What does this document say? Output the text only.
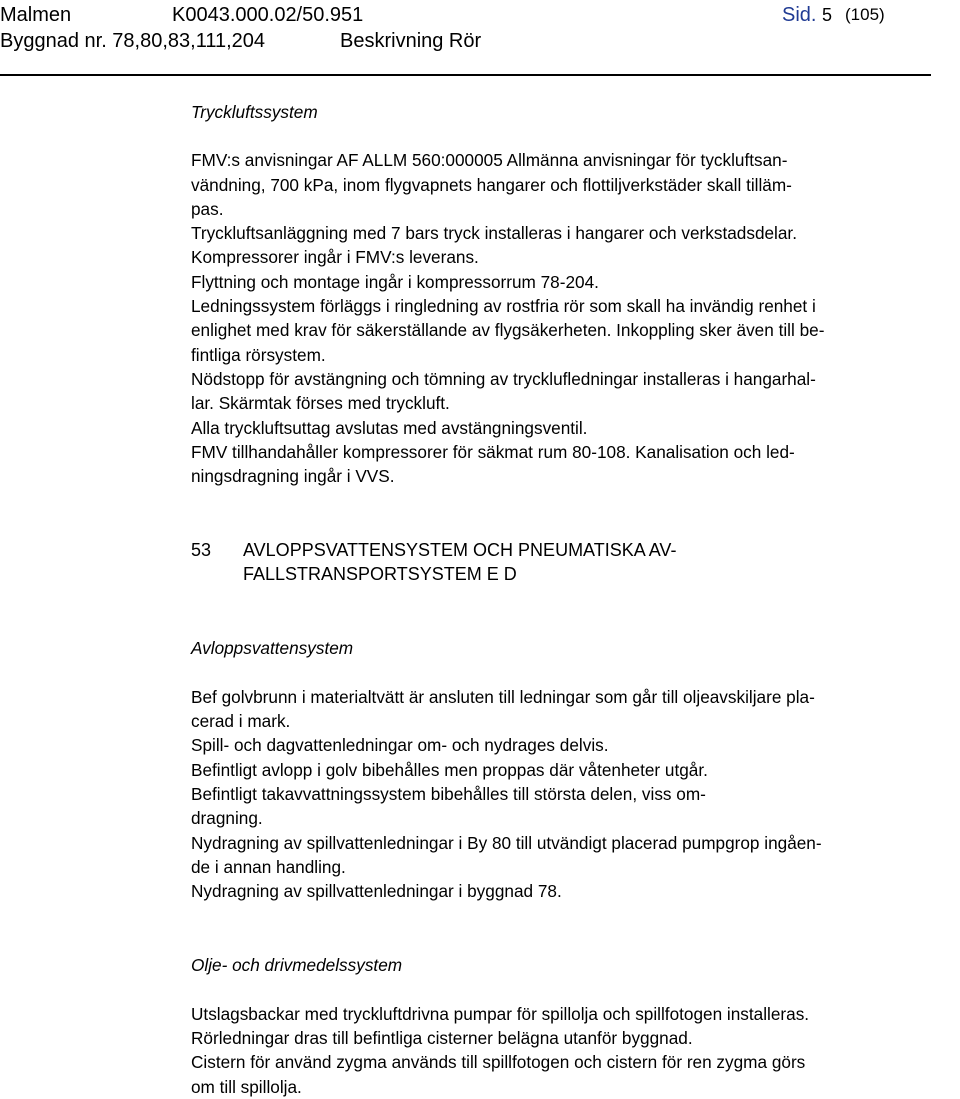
Malmen	K0043.000.02/50.951	Sid. 5 (105)
Byggnad nr. 78,80,83,111,204	Beskrivning Rör

Tryckluftssystem

FMV:s anvisningar AF ALLM 560:000005 Allmänna anvisningar för tyckluftsan-

vändning, 700 kPa, inom flygvapnets hangarer och flottiljverkstäder skall tilläm-

pas.

Tryckluftsanläggning med 7 bars tryck installeras i hangarer och verkstadsdelar.

Kompressorer ingår i FMV:s leverans.

Flyttning och montage ingår i kompressorrum 78-204.

Ledningssystem förläggs i ringledning av rostfria rör som skall ha invändig renhet i

enlighet med krav för säkerställande av flygsäkerheten. Inkoppling sker även till be-

fintliga rörsystem.

Nödstopp för avstängning och tömning av trycklufledningar installeras i hangarhal-

lar. Skärmtak förses med tryckluft.

Alla tryckluftsuttag avslutas med avstängningsventil.

FMV tillhandahåller kompressorer för säkmat rum 80-108. Kanalisation och led-

ningsdragning ingår i VVS.

53	AVLOPPSVATTENSYSTEM OCH PNEUMATISKA AV-
FALLSTRANSPORTSYSTEM E D

Avloppsvattensystem

Bef golvbrunn i materialtvätt är ansluten till ledningar som går till oljeavskiljare pla-

cerad i mark.

Spill- och dagvattenledningar om- och nydrages delvis.

Befintligt avlopp i golv bibehålles men proppas där våtenheter utgår.

Befintligt takavvattningssystem bibehålles till största delen, viss om-

dragning.

Nydragning av spillvattenledningar i By 80 till utvändigt placerad pumpgrop ingåen-

de i annan handling.

Nydragning av spillvattenledningar i byggnad 78.

Olje- och drivmedelssystem

Utslagsbackar med tryckluftdrivna pumpar för spillolja och spillfotogen installeras.

Rörledningar dras till befintliga cisterner belägna utanför byggnad.

Cistern för använd zygma används till spillfotogen och cistern för ren zygma görs

om till spillolja.
